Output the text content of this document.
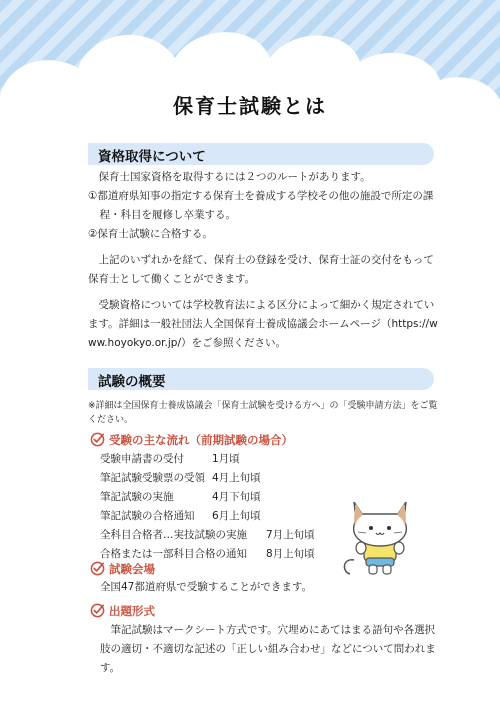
保育士試験とは
資格取得について

保育士国家資格を取得するには２つのルートがあります。

①都道府県知事の指定する保育士を養成する学校その他の施設で所定の課程・科目を履修し卒業する。

②保育士試験に合格する。

上記のいずれかを経て、保育士の登録を受け、保育士証の交付をもって保育士として働くことができます。

受験資格については学校教育法による区分によって細かく規定されています。詳細は一般社団法人全国保育士養成協議会ホームページ（https://www.hoyokyo.or.jp/）をご参照ください。

試験の概要
※詳細は全国保育士養成協議会「保育士試験を受ける方へ」の「受験申請方法」をご覧ください。
受験の主な流れ（前期試験の場合）
受験申請書の受付	1月頃
筆記試験受験票の受領 4月上旬頃
筆記試験の実施	4月下旬頃
筆記試験の合格通知 6月上旬頃
全科目合格者…実技試験の実施 7月上旬頃
合格または一部科目合格の通知 8月上旬頃
試験会場
全国47都道府県で受験することができます。
出題形式
筆記試験はマークシート方式です。穴埋めにあてはまる語句や各選択肢の適切・不適切な記述の「正しい組み合わせ」などについて問われます。
